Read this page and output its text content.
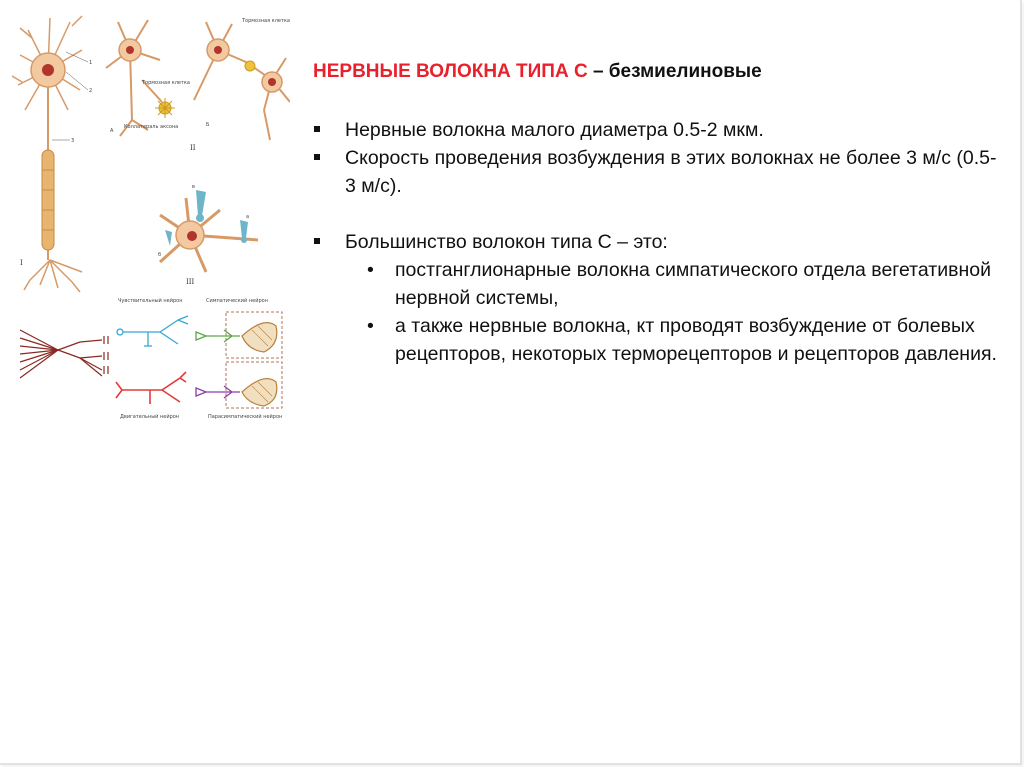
1
2
3
I
Тормозная клетка
Коллатераль аксона
Тормозная клетка
А
Б
II
в
а
б
III
Чувствительный нейрон
Двигательный нейрон
Симпатический нейрон
Парасимпатический нейрон

НЕРВНЫЕ ВОЛОКНА ТИПА С – безмиелиновые

Нервные волокна малого диаметра 0.5-2 мкм.
Скорость проведения возбуждения в этих волокнах не более 3 м/с (0.5-3 м/с).
Большинство волокон типа С – это:
• постганглионарные волокна симпатического отдела вегетативной нервной системы,
• а также нервные волокна, кт проводят возбуждение от болевых рецепторов, некоторых терморецепторов и рецепторов давления.
